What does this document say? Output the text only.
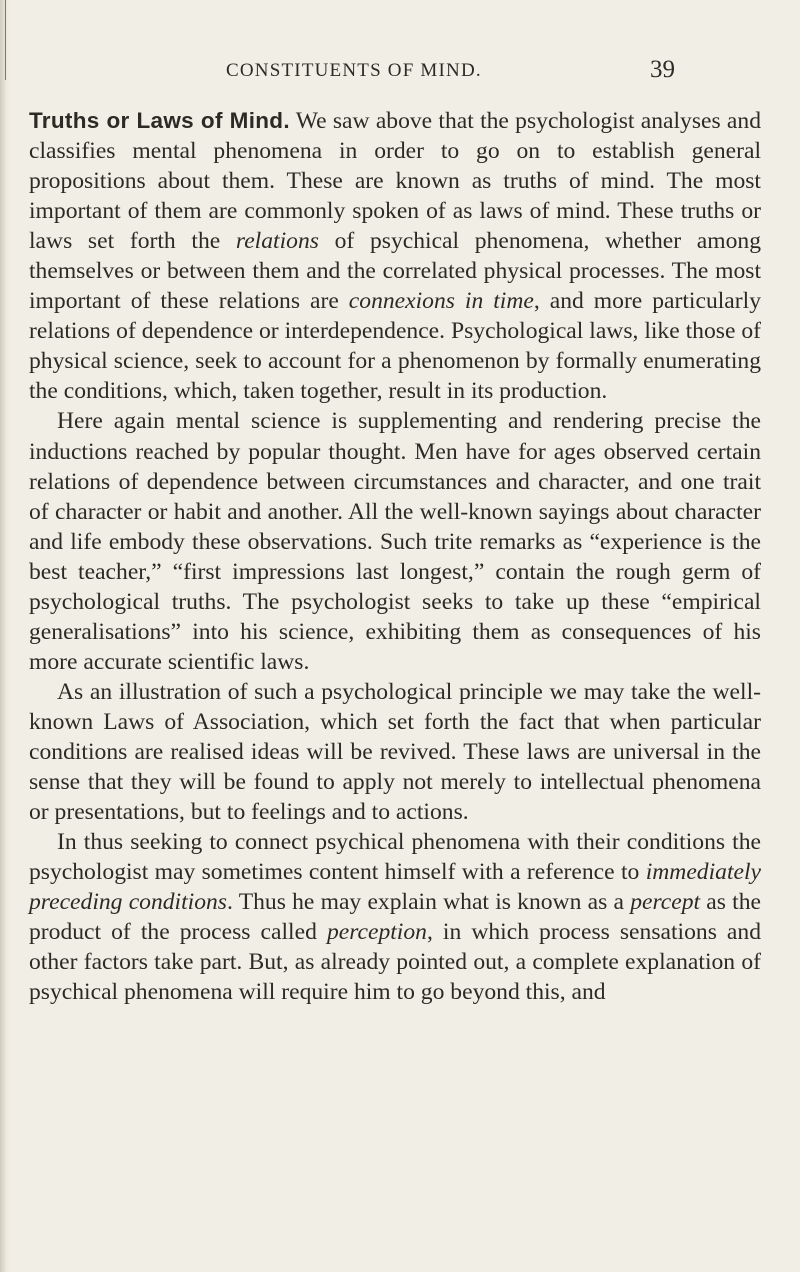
CONSTITUENTS OF MIND.	39

Truths or Laws of Mind. We saw above that the psychologist analyses and classifies mental phenomena in order to go on to establish general propositions about them. These are known as truths of mind. The most important of them are commonly spoken of as laws of mind. These truths or laws set forth the relations of psychical phenomena, whether among themselves or between them and the correlated physical processes. The most important of these relations are connexions in time, and more particularly relations of dependence or interdependence. Psychological laws, like those of physical science, seek to account for a phenomenon by formally enumerating the conditions, which, taken together, result in its production.

Here again mental science is supplementing and rendering precise the inductions reached by popular thought. Men have for ages observed certain relations of dependence between circumstances and character, and one trait of character or habit and another. All the well-known sayings about character and life embody these observations. Such trite remarks as “experience is the best teacher,” “first impressions last longest,” contain the rough germ of psychological truths. The psychologist seeks to take up these “empirical generalisations” into his science, exhibiting them as consequences of his more accurate scientific laws.

As an illustration of such a psychological principle we may take the well-known Laws of Association, which set forth the fact that when particular conditions are realised ideas will be revived. These laws are universal in the sense that they will be found to apply not merely to intellectual phenomena or presentations, but to feelings and to actions.

In thus seeking to connect psychical phenomena with their conditions the psychologist may sometimes content himself with a reference to immediately preceding conditions. Thus he may explain what is known as a percept as the product of the process called perception, in which process sensations and other factors take part. But, as already pointed out, a complete explanation of psychical phenomena will require him to go beyond this, and
